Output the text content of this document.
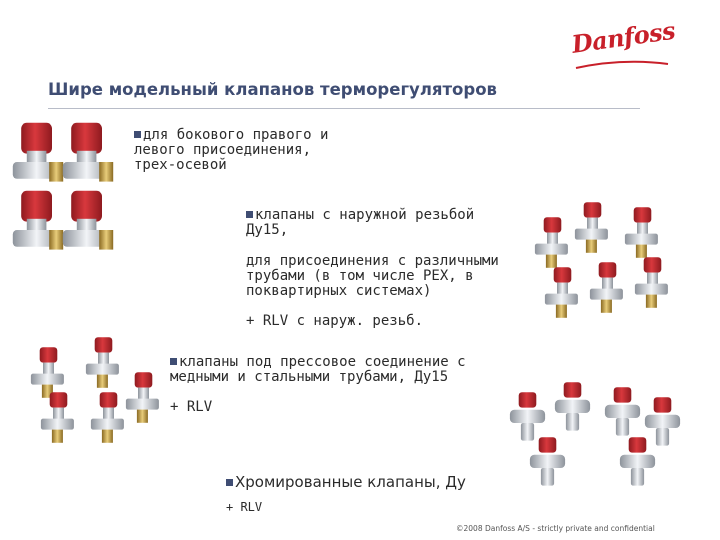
Danfoss
Шире модельный клапанов терморегуляторов
для бокового правого и
левого присоединения,
трех-осевой
клапаны с наружной резьбой
Ду15,
для присоединения с различными
трубами (в том числе PEX, в
поквартирных системах)
+ RLV с наруж. резьб.
клапаны под прессовое соединение с
медными и стальными трубами, Ду15
+ RLV
Хромированные клапаны, Ду
+ RLV
©2008 Danfoss A/S - strictly private and confidential
